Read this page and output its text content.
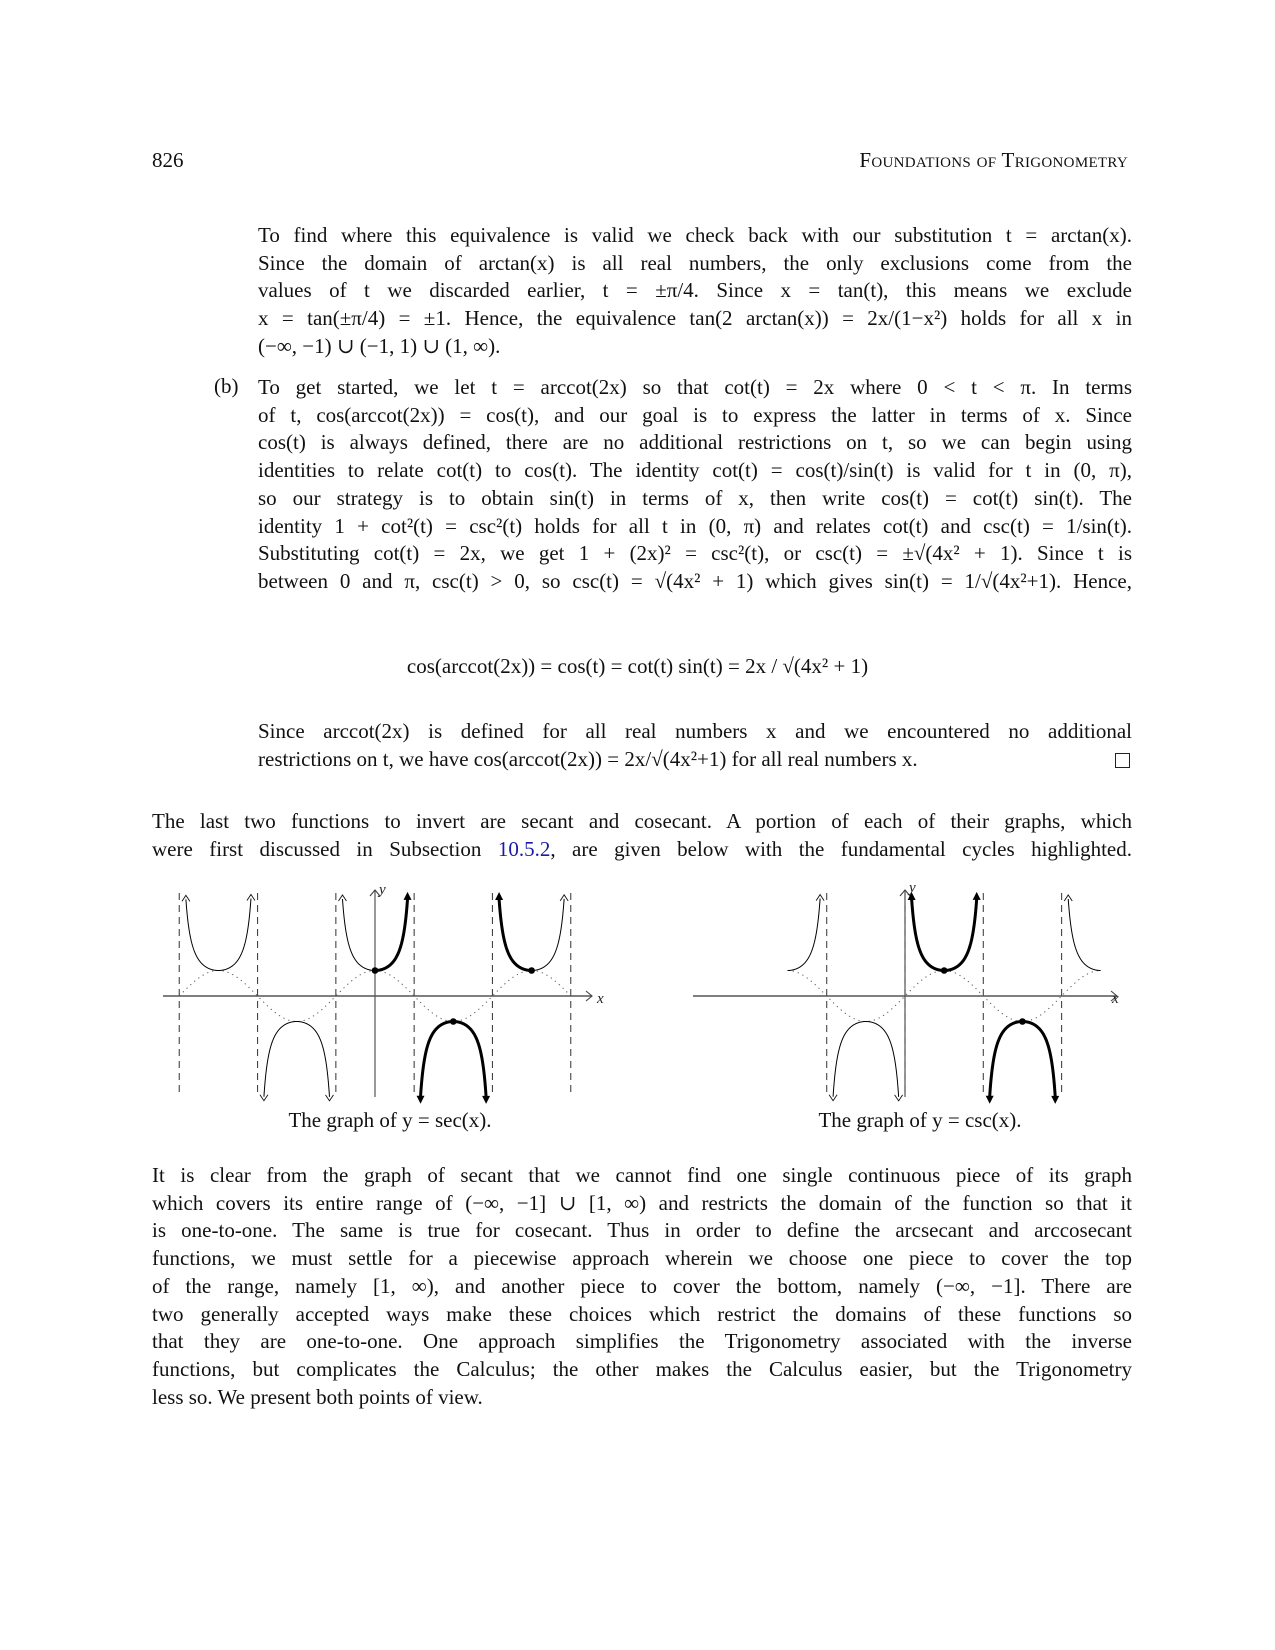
826	Foundations of Trigonometry
To find where this equivalence is valid we check back with our substitution t = arctan(x).
Since the domain of arctan(x) is all real numbers, the only exclusions come from the
values of t we discarded earlier, t = ±π/4. Since x = tan(t), this means we exclude
x = tan(±π/4) = ±1. Hence, the equivalence tan(2 arctan(x)) = 2x/(1−x²) holds for all x in
(−∞, −1) ∪ (−1, 1) ∪ (1, ∞).
(b) To get started, we let t = arccot(2x) so that cot(t) = 2x where 0 < t < π. In terms
of t, cos(arccot(2x)) = cos(t), and our goal is to express the latter in terms of x. Since
cos(t) is always defined, there are no additional restrictions on t, so we can begin using
identities to relate cot(t) to cos(t). The identity cot(t) = cos(t)/sin(t) is valid for t in (0, π),
so our strategy is to obtain sin(t) in terms of x, then write cos(t) = cot(t) sin(t). The
identity 1 + cot²(t) = csc²(t) holds for all t in (0, π) and relates cot(t) and csc(t) = 1/sin(t).
Substituting cot(t) = 2x, we get 1 + (2x)² = csc²(t), or csc(t) = ±√(4x² + 1). Since t is
between 0 and π, csc(t) > 0, so csc(t) = √(4x² + 1) which gives sin(t) = 1/√(4x²+1). Hence,
cos(arccot(2x)) = cos(t) = cot(t) sin(t) = 2x / √(4x² + 1)
Since arccot(2x) is defined for all real numbers x and we encountered no additional
restrictions on t, we have cos(arccot(2x)) = 2x/√(4x²+1) for all real numbers x.
The last two functions to invert are secant and cosecant. A portion of each of their graphs, which
were first discussed in Subsection 10.5.2, are given below with the fundamental cycles highlighted.
x
y
x
y
The graph of y = sec(x).	The graph of y = csc(x).
It is clear from the graph of secant that we cannot find one single continuous piece of its graph
which covers its entire range of (−∞, −1] ∪ [1, ∞) and restricts the domain of the function so that it
is one-to-one. The same is true for cosecant. Thus in order to define the arcsecant and arccosecant
functions, we must settle for a piecewise approach wherein we choose one piece to cover the top
of the range, namely [1, ∞), and another piece to cover the bottom, namely (−∞, −1]. There are
two generally accepted ways make these choices which restrict the domains of these functions so
that they are one-to-one. One approach simplifies the Trigonometry associated with the inverse
functions, but complicates the Calculus; the other makes the Calculus easier, but the Trigonometry
less so. We present both points of view.
